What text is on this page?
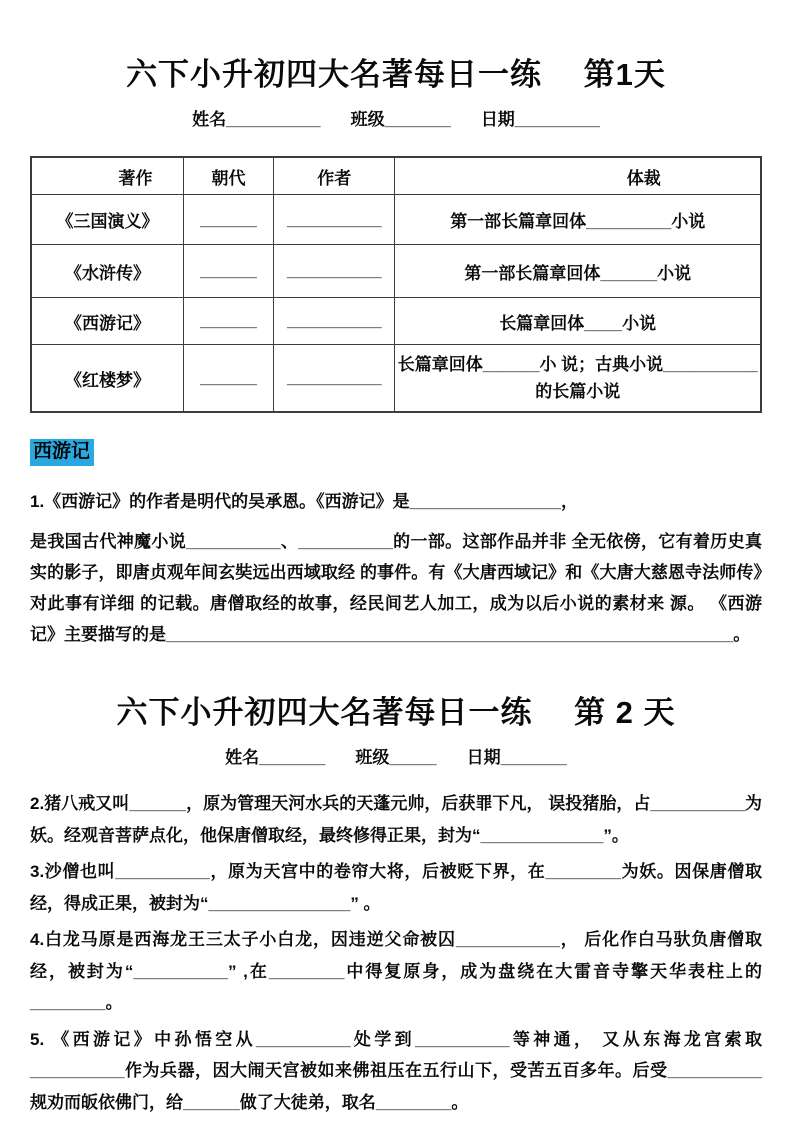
六下小升初四大名著每日一练　 第1天
姓名__________ 班级_______ 日期_________
著作	朝代	作者	体裁
《三国演义》	______	__________	第一部长篇章回体_________小说
《水浒传》	______	__________	第一部长篇章回体______小说
《西游记》	______	__________	长篇章回体____小说
《红楼梦》	______	__________	长篇章回体______小 说；古典小说__________的长篇小说
西游记

1.《西游记》的作者是明代的吴承恩。《西游记》是________________，

是我国古代神魔小说__________、__________的一部。这部作品并非 全无依傍，它有着历史真实的影子，即唐贞观年间玄奘远出西域取经 的事件。有《大唐西域记》和《大唐大慈恩寺法师传》对此事有详细 的记载。唐僧取经的故事，经民间艺人加工，成为以后小说的素材来 源。 《西游记》主要描写的是____________________________________________________________。

六下小升初四大名著每日一练　 第 2 天
姓名_______ 班级_____ 日期_______

2.猪八戒又叫______，原为管理天河水兵的天蓬元帅，后获罪下凡， 误投猪胎，占__________为妖。经观音菩萨点化，他保唐僧取经，最终修得正果，封为“_____________”。

3.沙僧也叫__________，原为天宫中的卷帘大将，后被贬下界，在________为妖。因保唐僧取经，得成正果，被封为“_______________” 。

4.白龙马原是西海龙王三太子小白龙，因违逆父命被囚___________， 后化作白马驮负唐僧取经，被封为“__________” ,在________中得复原身，成为盘绕在大雷音寺擎天华表柱上的________。

5. 《西游记》中孙悟空从__________处学到__________等神通， 又从东海龙宫索取__________作为兵器，因大闹天宫被如来佛祖压在五行山下，受苦五百多年。后受__________规劝而皈依佛门，给______做了大徒弟，取名________。
